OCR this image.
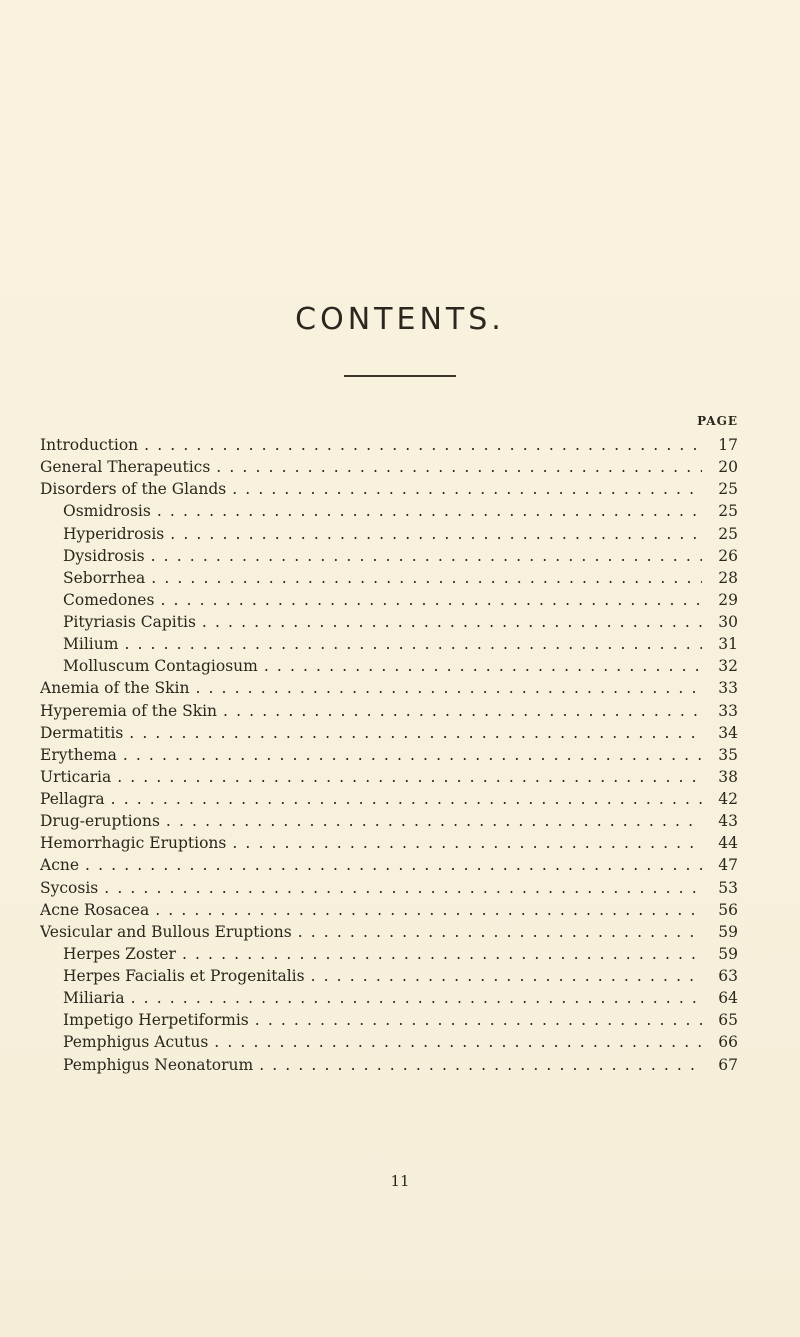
CONTENTS.
PAGE
Introduction . . .	17
General Therapeutics . . .	20
Disorders of the Glands . . .	25
Osmidrosis . . .	25
Hyperidrosis . . .	25
Dysidrosis . . .	26
Seborrhea . . .	28
Comedones . . .	29
Pityriasis Capitis . . .	30
Milium . . .	31
Molluscum Contagiosum . . .	32
Anemia of the Skin . . .	33
Hyperemia of the Skin . . .	33
Dermatitis . . .	34
Erythema . . .	35
Urticaria . . .	38
Pellagra . . .	42
Drug-eruptions . . .	43
Hemorrhagic Eruptions . . .	44
Acne . . .	47
Sycosis . . .	53
Acne Rosacea . . .	56
Vesicular and Bullous Eruptions . . .	59
Herpes Zoster . . .	59
Herpes Facialis et Progenitalis . . .	63
Miliaria . . .	64
Impetigo Herpetiformis . . .	65
Pemphigus Acutus . . .	66
Pemphigus Neonatorum . . .	67
11
